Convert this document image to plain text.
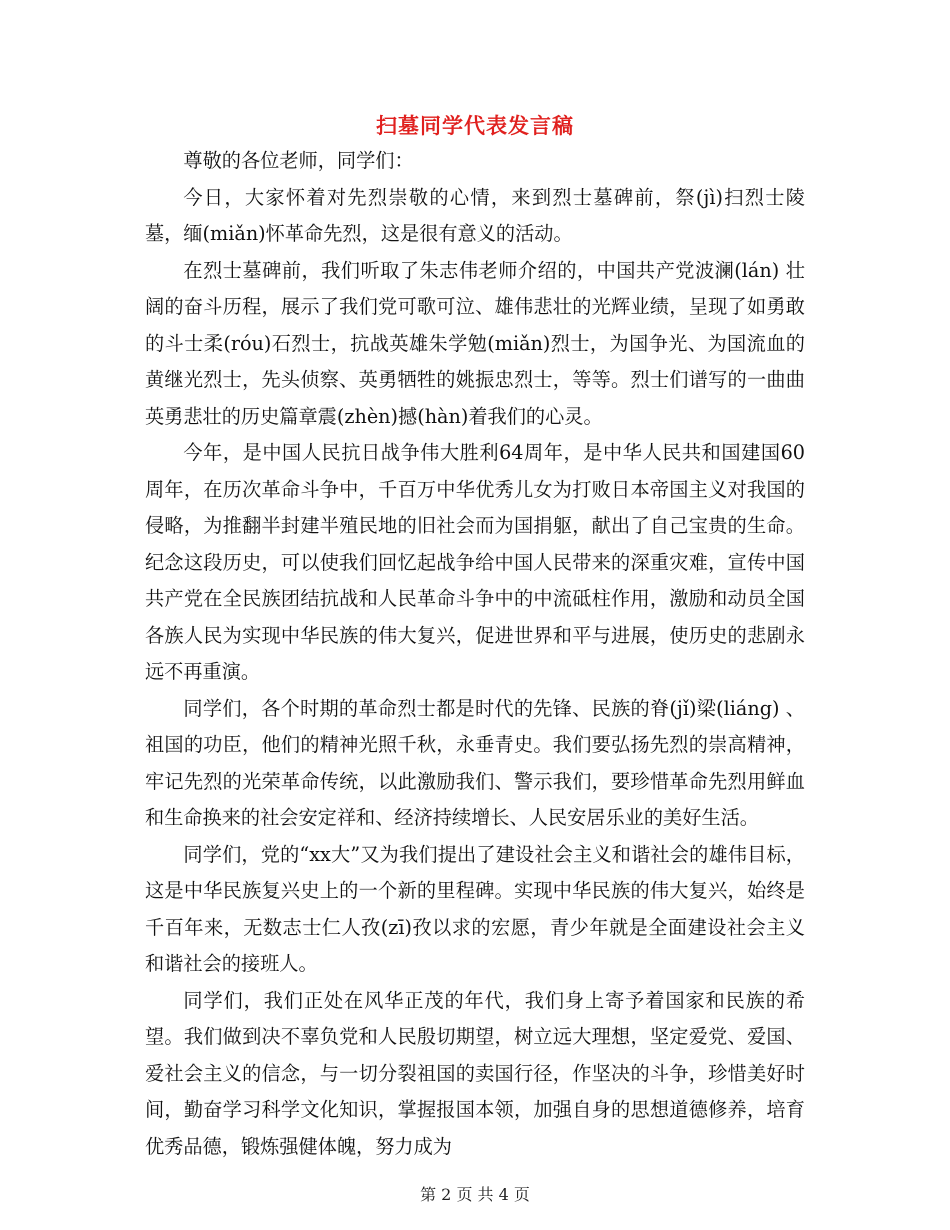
扫墓同学代表发言稿

尊敬的各位老师，同学们：

今日，大家怀着对先烈崇敬的心情，来到烈士墓碑前，祭(jì)扫烈士陵墓，缅(miǎn)怀革命先烈，这是很有意义的活动。

在烈士墓碑前，我们听取了朱志伟老师介绍的，中国共产党波澜(lán) 壮阔的奋斗历程，展示了我们党可歌可泣、雄伟悲壮的光辉业绩，呈现了如勇敢的斗士柔(róu)石烈士，抗战英雄朱学勉(miǎn)烈士，为国争光、为国流血的黄继光烈士，先头侦察、英勇牺牲的姚振忠烈士，等等。烈士们谱写的一曲曲英勇悲壮的历史篇章震(zhèn)撼(hàn)着我们的心灵。

今年，是中国人民抗日战争伟大胜利64周年，是中华人民共和国建国60周年，在历次革命斗争中，千百万中华优秀儿女为打败日本帝国主义对我国的侵略，为推翻半封建半殖民地的旧社会而为国捐躯，献出了自己宝贵的生命。纪念这段历史，可以使我们回忆起战争给中国人民带来的深重灾难，宣传中国共产党在全民族团结抗战和人民革命斗争中的中流砥柱作用，激励和动员全国各族人民为实现中华民族的伟大复兴，促进世界和平与进展，使历史的悲剧永远不再重演。

同学们，各个时期的革命烈士都是时代的先锋、民族的脊(jǐ)梁(liáng) 、祖国的功臣，他们的精神光照千秋，永垂青史。我们要弘扬先烈的崇高精神，牢记先烈的光荣革命传统，以此激励我们、警示我们，要珍惜革命先烈用鲜血和生命换来的社会安定祥和、经济持续增长、人民安居乐业的美好生活。

同学们，党的“xx大”又为我们提出了建设社会主义和谐社会的雄伟目标，这是中华民族复兴史上的一个新的里程碑。实现中华民族的伟大复兴，始终是千百年来，无数志士仁人孜(zī)孜以求的宏愿，青少年就是全面建设社会主义和谐社会的接班人。

同学们，我们正处在风华正茂的年代，我们身上寄予着国家和民族的希望。我们做到决不辜负党和人民殷切期望，树立远大理想，坚定爱党、爱国、爱社会主义的信念，与一切分裂祖国的卖国行径，作坚决的斗争，珍惜美好时间，勤奋学习科学文化知识，掌握报国本领，加强自身的思想道德修养，培育优秀品德，锻炼强健体魄，努力成为

第 2 页 共 4 页
